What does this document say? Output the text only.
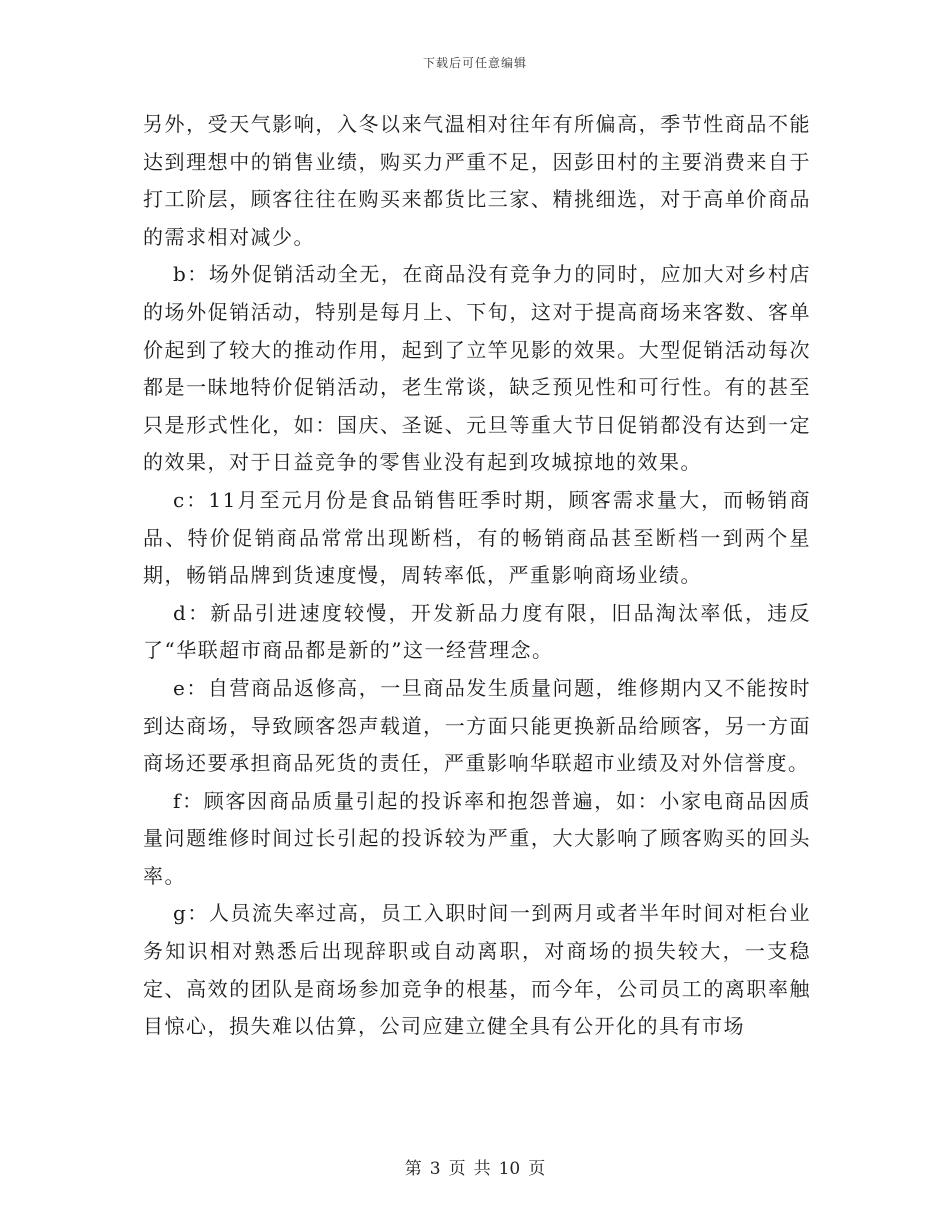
下载后可任意编辑

另外，受天气影响，入冬以来气温相对往年有所偏高，季节性商品不能达到理想中的销售业绩，购买力严重不足，因彭田村的主要消费来自于打工阶层，顾客往往在购买来都货比三家、精挑细选，对于高单价商品的需求相对减少。

b：场外促销活动全无，在商品没有竞争力的同时，应加大对乡村店的场外促销活动，特别是每月上、下旬，这对于提高商场来客数、客单价起到了较大的推动作用，起到了立竿见影的效果。大型促销活动每次都是一昧地特价促销活动，老生常谈，缺乏预见性和可行性。有的甚至只是形式性化，如：国庆、圣诞、元旦等重大节日促销都没有达到一定的效果，对于日益竞争的零售业没有起到攻城掠地的效果。

c：11月至元月份是食品销售旺季时期，顾客需求量大，而畅销商品、特价促销商品常常出现断档，有的畅销商品甚至断档一到两个星期，畅销品牌到货速度慢，周转率低，严重影响商场业绩。

d：新品引进速度较慢，开发新品力度有限，旧品淘汰率低，违反了“华联超市商品都是新的”这一经营理念。

e：自营商品返修高，一旦商品发生质量问题，维修期内又不能按时到达商场，导致顾客怨声载道，一方面只能更换新品给顾客，另一方面商场还要承担商品死货的责任，严重影响华联超市业绩及对外信誉度。

f：顾客因商品质量引起的投诉率和抱怨普遍，如：小家电商品因质量问题维修时间过长引起的投诉较为严重，大大影响了顾客购买的回头率。

g：人员流失率过高，员工入职时间一到两月或者半年时间对柜台业务知识相对熟悉后出现辞职或自动离职，对商场的损失较大，一支稳定、高效的团队是商场参加竞争的根基，而今年，公司员工的离职率触目惊心，损失难以估算，公司应建立健全具有公开化的具有市场

第 3 页 共 10 页
